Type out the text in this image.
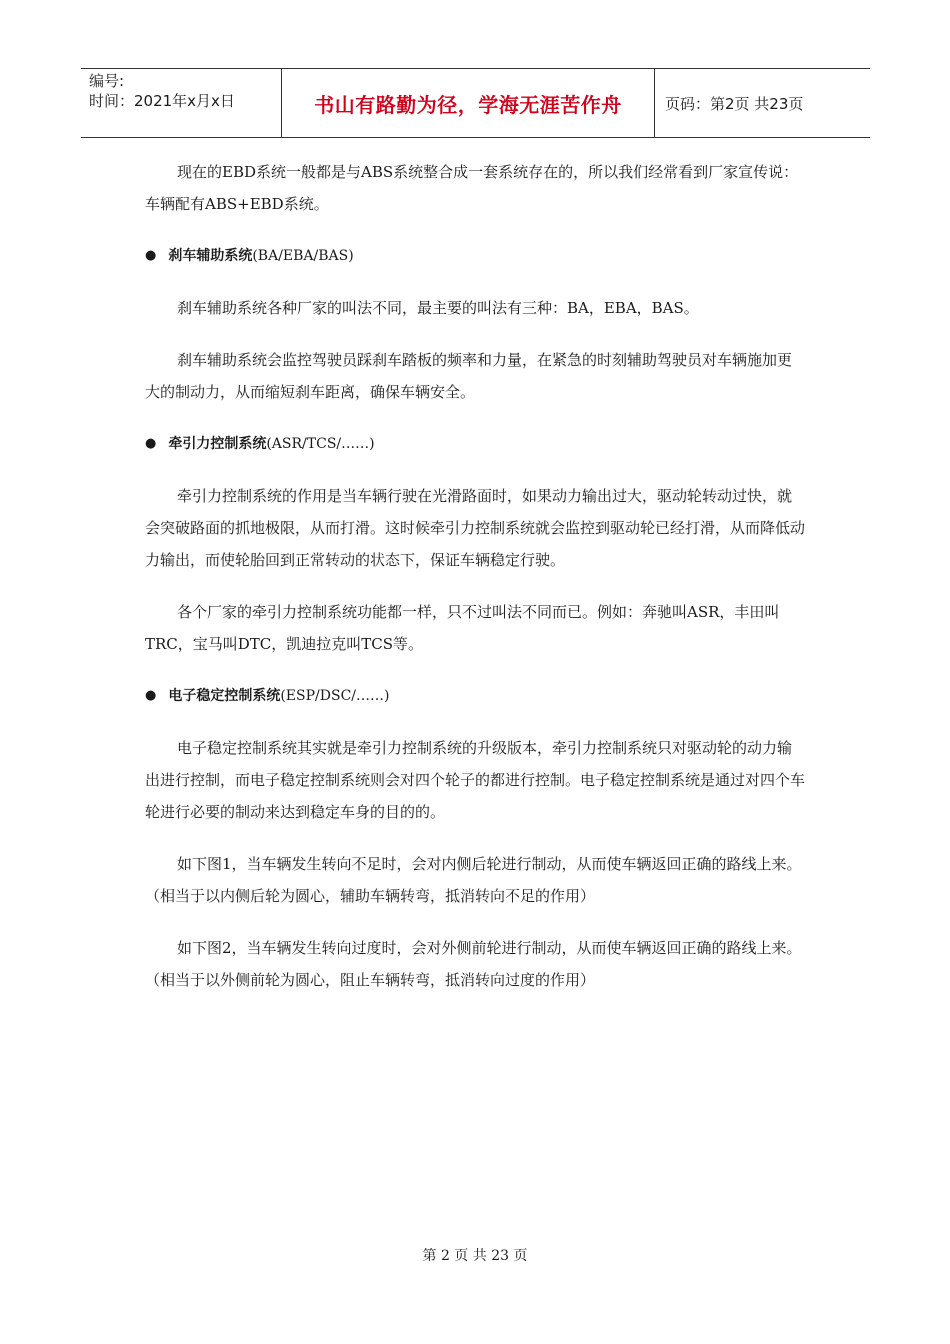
编号:
时间：2021年x月x日	书山有路勤为径，学海无涯苦作舟	页码：第2页 共23页

现在的EBD系统一般都是与ABS系统整合成一套系统存在的，所以我们经常看到厂家宣传说：车辆配有ABS+EBD系统。

● 刹车辅助系统 (BA/EBA/BAS)

刹车辅助系统各种厂家的叫法不同，最主要的叫法有三种：BA，EBA，BAS。

刹车辅助系统会监控驾驶员踩刹车踏板的频率和力量，在紧急的时刻辅助驾驶员对车辆施加更大的制动力，从而缩短刹车距离，确保车辆安全。

● 牵引力控制系统 (ASR/TCS/……)

牵引力控制系统的作用是当车辆行驶在光滑路面时，如果动力输出过大，驱动轮转动过快，就会突破路面的抓地极限，从而打滑。这时候牵引力控制系统就会监控到驱动轮已经打滑，从而降低动力输出，而使轮胎回到正常转动的状态下，保证车辆稳定行驶。

各个厂家的牵引力控制系统功能都一样，只不过叫法不同而已。例如：奔驰叫ASR，丰田叫TRC，宝马叫DTC，凯迪拉克叫TCS等。

● 电子稳定控制系统 (ESP/DSC/……)

电子稳定控制系统其实就是牵引力控制系统的升级版本，牵引力控制系统只对驱动轮的动力输出进行控制，而电子稳定控制系统则会对四个轮子的都进行控制。电子稳定控制系统是通过对四个车轮进行必要的制动来达到稳定车身的目的的。

如下图1，当车辆发生转向不足时，会对内侧后轮进行制动，从而使车辆返回正确的路线上来。（相当于以内侧后轮为圆心，辅助车辆转弯，抵消转向不足的作用）

如下图2，当车辆发生转向过度时，会对外侧前轮进行制动，从而使车辆返回正确的路线上来。（相当于以外侧前轮为圆心，阻止车辆转弯，抵消转向过度的作用）

第 2 页 共 23 页
